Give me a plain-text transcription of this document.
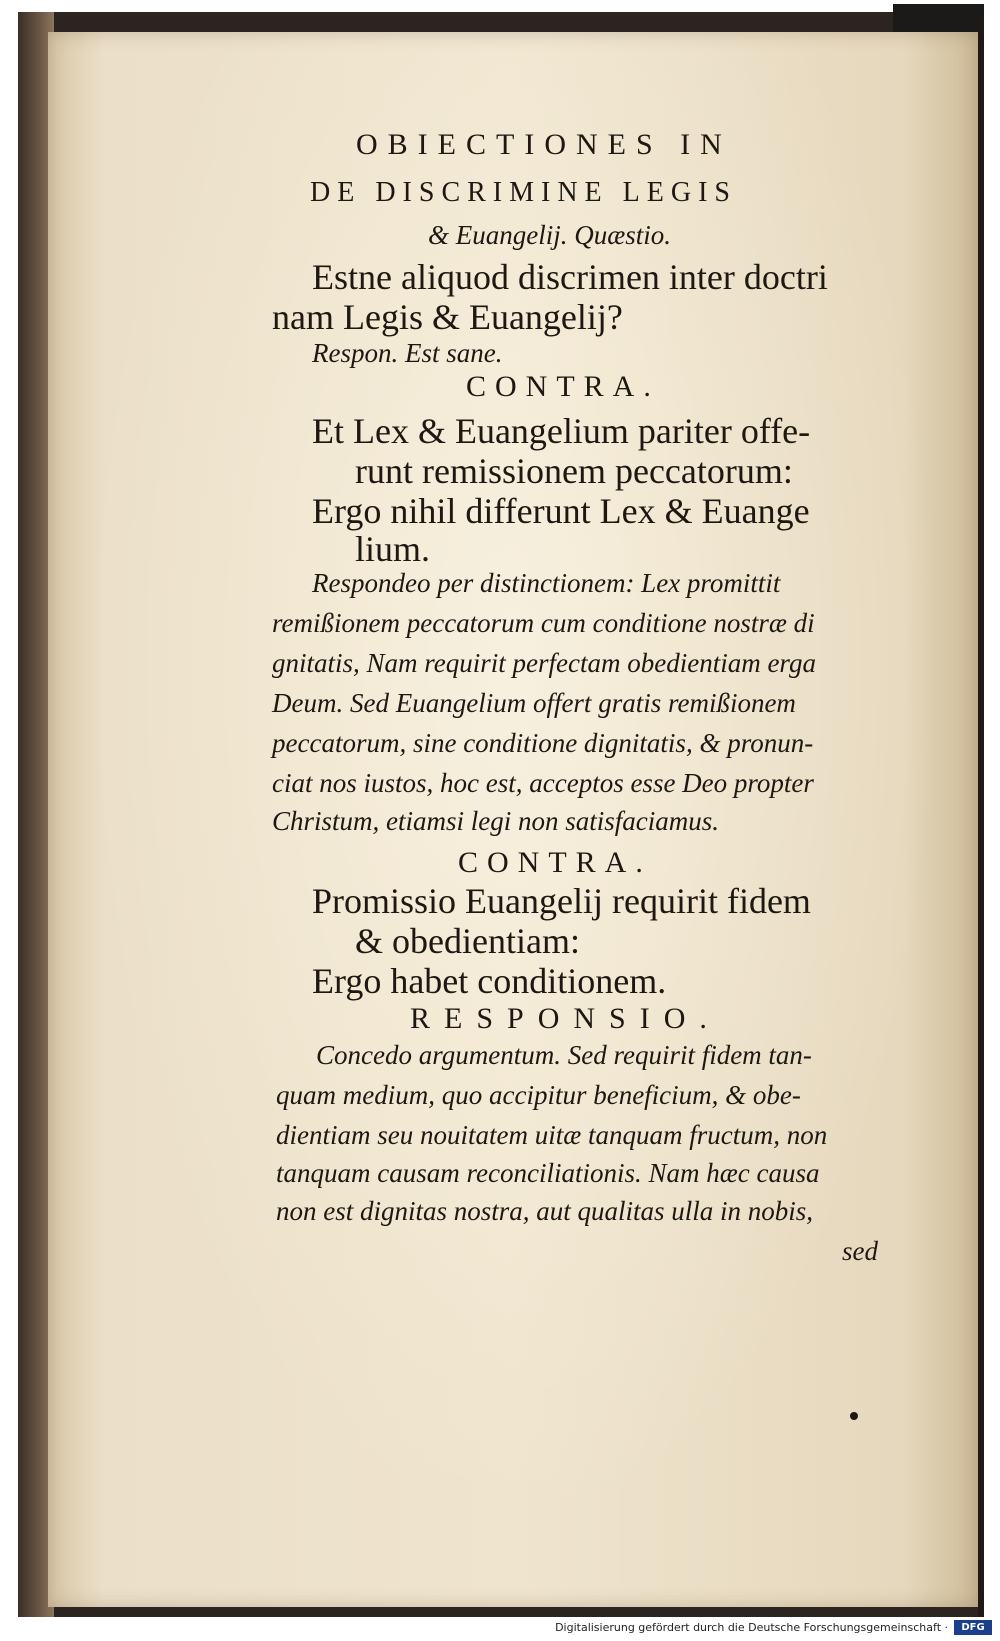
OBIECTIONES IN
DE DISCRIMINE LEGIS
& Euangelij. Quæstio.
Estne aliquod discrimen inter doctri
nam Legis & Euangelij?
Respon. Est sane.
CONTRA.
Et Lex & Euangelium pariter offe-
runt remissionem peccatorum:
Ergo nihil differunt Lex & Euange
lium.
Respondeo per distinctionem: Lex promittit
remißionem peccatorum cum conditione nostræ di
gnitatis, Nam requirit perfectam obedientiam erga
Deum. Sed Euangelium offert gratis remißionem
peccatorum, sine conditione dignitatis, & pronun-
ciat nos iustos, hoc est, acceptos esse Deo propter
Christum, etiamsi legi non satisfaciamus.
CONTRA.
Promissio Euangelij requirit fidem
& obedientiam:
Ergo habet conditionem.
RESPONSIO.
Concedo argumentum. Sed requirit fidem tan-
quam medium, quo accipitur beneficium, & obe-
dientiam seu nouitatem uitæ tanquam fructum, non
tanquam causam reconciliationis. Nam hæc causa
non est dignitas nostra, aut qualitas ulla in nobis,
sed
Digitalisierung gefördert durch die Deutsche Forschungsgemeinschaft ·	DFG
